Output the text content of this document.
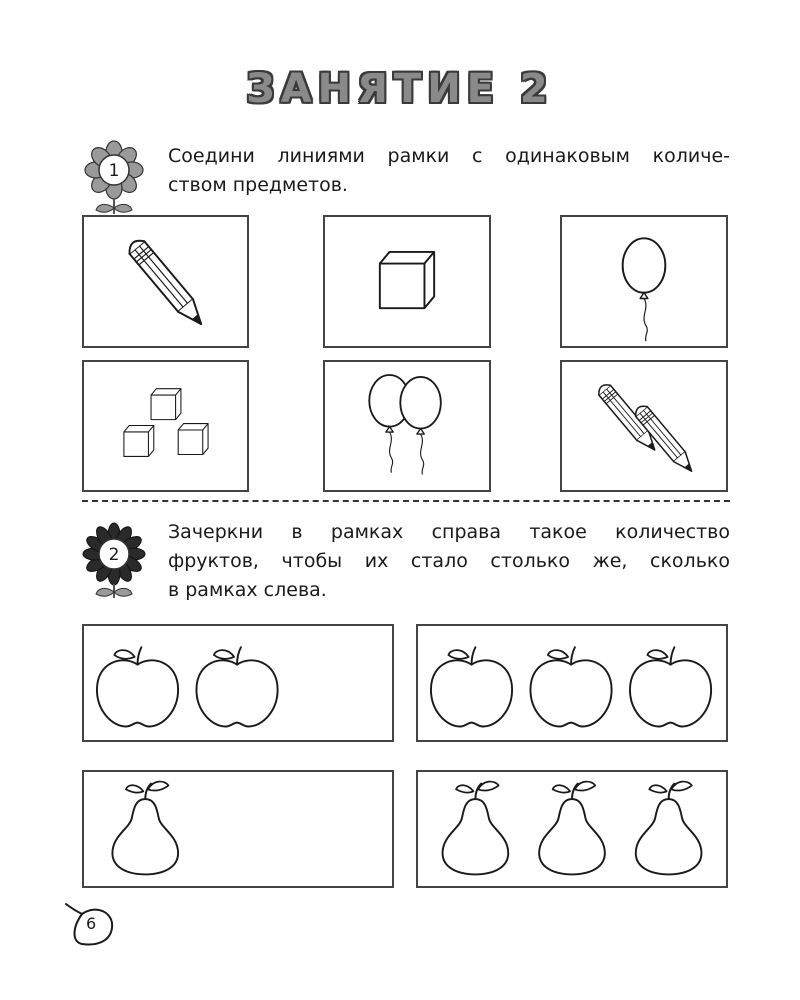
ЗАНЯТИЕ 2
1
Соедини линиями рамки с одинаковым количе-
ством предметов.
2
Зачеркни в рамках справа такое количество
фруктов, чтобы их стало столько же, сколько
в рамках слева.
6
